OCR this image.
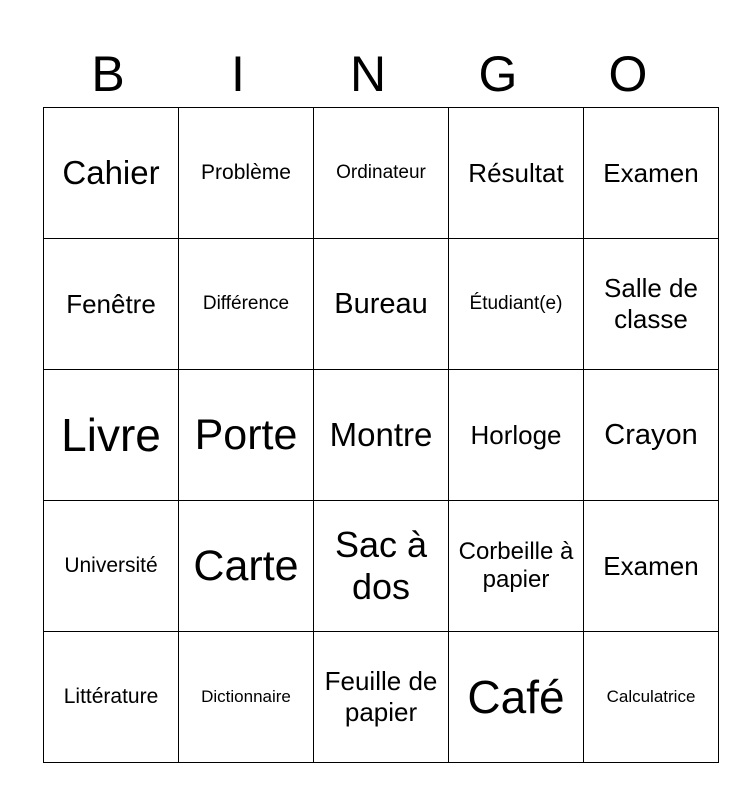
B	I	N	G	O
Cahier	Problème	Ordinateur	Résultat	Examen
Fenêtre	Différence	Bureau	Étudiant(e)	Salle de classe
Livre	Porte	Montre	Horloge	Crayon
Université	Carte	Sac à dos	Corbeille à papier	Examen
Littérature	Dictionnaire	Feuille de papier	Café	Calculatrice
